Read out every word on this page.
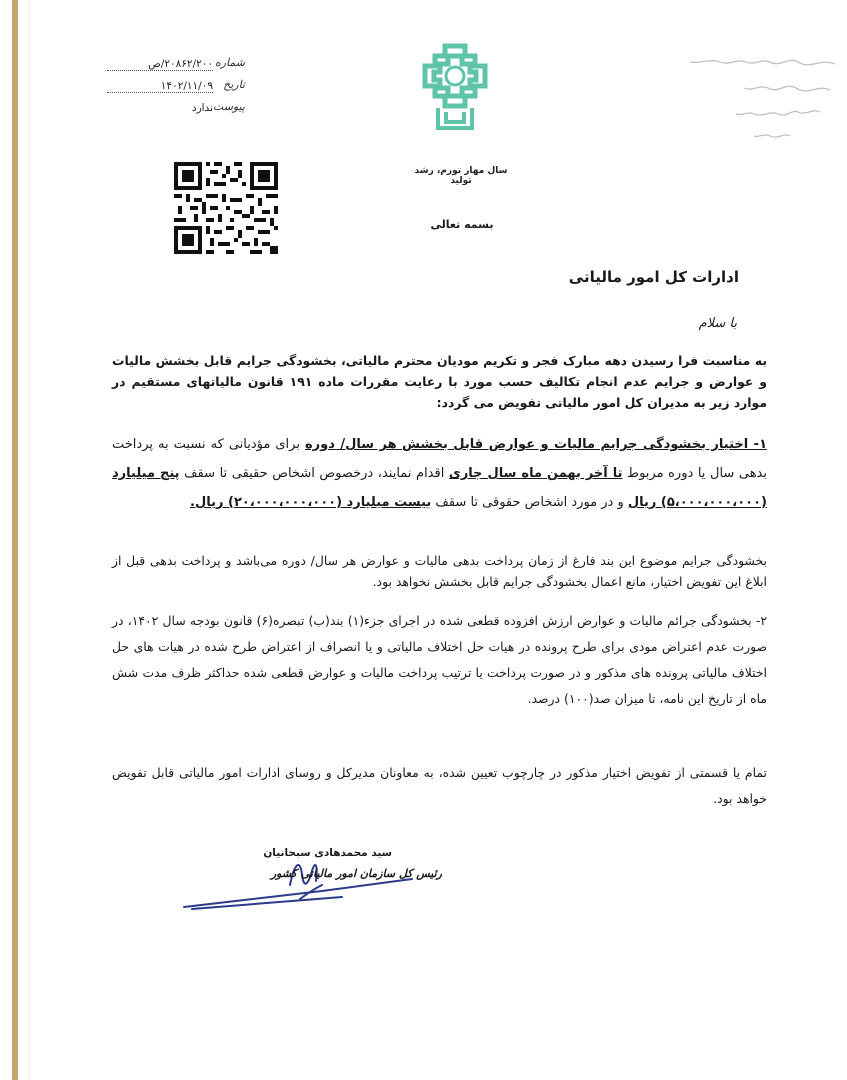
شماره
۲۰۸۶۲/۲۰۰/ص
تاریخ
۱۴۰۲/۱۱/۰۹
پیوست
ندارد
سال مهار تورم، رشد تولید
بسمه تعالی
ادارات کل امور مالیاتی
با سلام
به مناسبت فرا رسیدن دهه مبارک فجر و تکریم مودیان محترم مالیاتی، بخشودگی جرایم قابل بخشش مالیات و عوارض و جرایم عدم انجام تکالیف حسب مورد با رعایت مقررات ماده ۱۹۱ قانون مالیاتهای مستقیم در موارد زیر به مدیران کل امور مالیاتی تفویض می گردد:
۱- اختیار بخشودگی جرایم مالیات و عوارض قابل بخشش هر سال/ دوره برای مؤدیانی که نسبت به پرداخت بدهی سال یا دوره مربوط تا آخر بهمن ماه سال جاری اقدام نمایند، درخصوص اشخاص حقیقی تا سقف پنج میلیارد (۵،۰۰۰،۰۰۰،۰۰۰) ریال و در مورد اشخاص حقوقی تا سقف بیست میلیارد (۲۰،۰۰۰،۰۰۰،۰۰۰) ریال.
بخشودگی جرایم موضوع این بند فارغ از زمان پرداخت بدهی مالیات و عوارض هر سال/ دوره می‌باشد و پرداخت بدهی قبل از ابلاغ این تفویض اختیار، مانع اعمال بخشودگی جرایم قابل بخشش نخواهد بود.
۲- بخشودگی جرائم مالیات و عوارض ارزش افزوده قطعی شده در اجرای جزء(۱) بند(ب) تبصره(۶) قانون بودجه سال ۱۴۰۲، در صورت عدم اعتراض مودی برای طرح پرونده در هیات حل اختلاف مالیاتی و یا انصراف از اعتراض طرح شده در هیات های حل اختلاف مالیاتی پرونده های مذکور و در صورت پرداخت یا ترتیب پرداخت مالیات و عوارض قطعی شده حداکثر ظرف مدت شش ماه از تاریخ این نامه، تا میزان صد(۱۰۰) درصد.
تمام یا قسمتی از تفویض اختیار مذکور در چارچوب تعیین شده، به معاونان مدیرکل و روسای ادارات امور مالیاتی قابل تفویض خواهد بود.
سید محمدهادی سبحانیان
رئیس کل سازمان امور مالیاتی کشور
